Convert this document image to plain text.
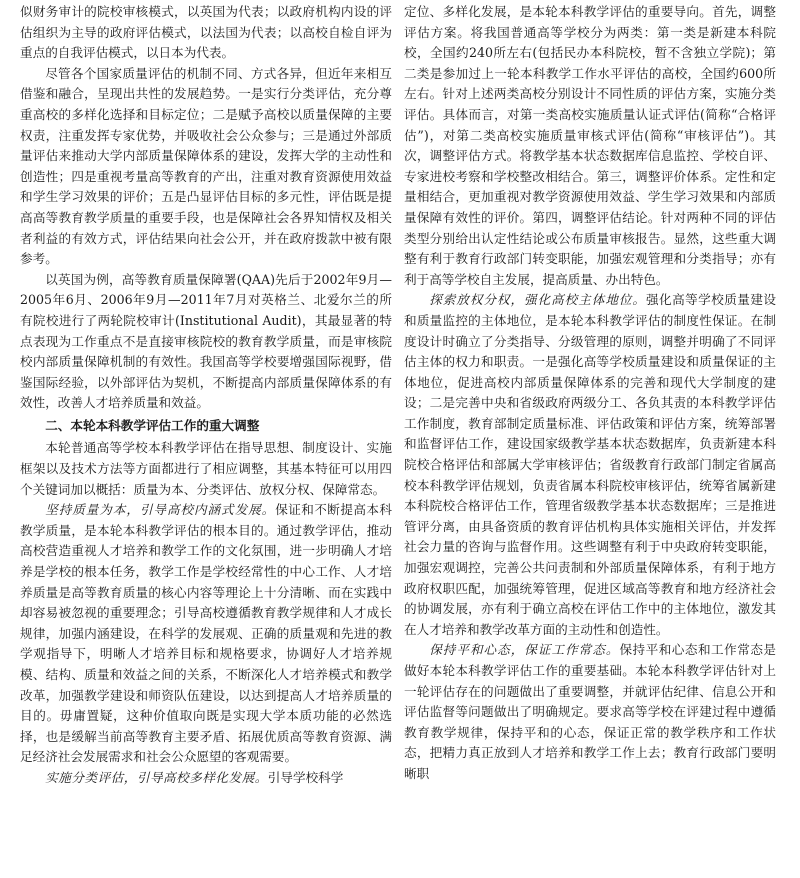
似财务审计的院校审核模式，以英国为代表；以政府机构内设的评估组织为主导的政府评估模式，以法国为代表；以高校自检自评为重点的自我评估模式，以日本为代表。

尽管各个国家质量评估的机制不同、方式各异，但近年来相互借鉴和融合，呈现出共性的发展趋势。一是实行分类评估，充分尊重高校的多样化选择和目标定位；二是赋予高校以质量保障的主要权责，注重发挥专家优势，并吸收社会公众参与；三是通过外部质量评估来推动大学内部质量保障体系的建设，发挥大学的主动性和创造性；四是重视考量高等教育的产出，注重对教育资源使用效益和学生学习效果的评价；五是凸显评估目标的多元性，评估既是提高高等教育教学质量的重要手段，也是保障社会各界知情权及相关者利益的有效方式，评估结果向社会公开，并在政府拨款中被有限参考。

以英国为例，高等教育质量保障署(QAA)先后于2002年9月—2005年6月、2006年9月—2011年7月对英格兰、北爱尔兰的所有院校进行了两轮院校审计(Institutional Audit)，其最显著的特点表现为工作重点不是直接审核院校的教育教学质量，而是审核院校内部质量保障机制的有效性。我国高等学校要增强国际视野，借鉴国际经验，以外部评估为契机，不断提高内部质量保障体系的有效性，改善人才培养质量和效益。

二、本轮本科教学评估工作的重大调整

本轮普通高等学校本科教学评估在指导思想、制度设计、实施框架以及技术方法等方面都进行了相应调整，其基本特征可以用四个关键词加以概括：质量为本、分类评估、放权分权、保障常态。

坚持质量为本，引导高校内涵式发展。保证和不断提高本科教学质量，是本轮本科教学评估的根本目的。通过教学评估，推动高校营造重视人才培养和教学工作的文化氛围，进一步明确人才培养是学校的根本任务，教学工作是学校经常性的中心工作、人才培养质量是高等教育质量的核心内容等理论上十分清晰、而在实践中却容易被忽视的重要理念；引导高校遵循教育教学规律和人才成长规律，加强内涵建设，在科学的发展观、正确的质量观和先进的教学观指导下，明晰人才培养目标和规格要求，协调好人才培养规模、结构、质量和效益之间的关系，不断深化人才培养模式和教学改革，加强教学建设和师资队伍建设，以达到提高人才培养质量的目的。毋庸置疑，这种价值取向既是实现大学本质功能的必然选择，也是缓解当前高等教育主要矛盾、拓展优质高等教育资源、满足经济社会发展需求和社会公众愿望的客观需要。

实施分类评估，引导高校多样化发展。引导学校科学

定位、多样化发展，是本轮本科教学评估的重要导向。首先，调整评估方案。将我国普通高等学校分为两类：第一类是新建本科院校，全国约240所左右(包括民办本科院校，暂不含独立学院)；第二类是参加过上一轮本科教学工作水平评估的高校，全国约600所左右。针对上述两类高校分别设计不同性质的评估方案，实施分类评估。具体而言，对第一类高校实施质量认证式评估(简称“合格评估”)，对第二类高校实施质量审核式评估(简称“审核评估”)。其次，调整评估方式。将教学基本状态数据库信息监控、学校自评、专家进校考察和学校整改相结合。第三，调整评价体系。定性和定量相结合，更加重视对教学资源使用效益、学生学习效果和内部质量保障有效性的评价。第四，调整评估结论。针对两种不同的评估类型分别给出认定性结论或公布质量审核报告。显然，这些重大调整有利于教育行政部门转变职能，加强宏观管理和分类指导；亦有利于高等学校自主发展，提高质量、办出特色。

探索放权分权，强化高校主体地位。强化高等学校质量建设和质量监控的主体地位，是本轮本科教学评估的制度性保证。在制度设计时确立了分类指导、分级管理的原则，调整并明确了不同评估主体的权力和职责。一是强化高等学校质量建设和质量保证的主体地位，促进高校内部质量保障体系的完善和现代大学制度的建设；二是完善中央和省级政府两级分工、各负其责的本科教学评估工作制度，教育部制定质量标准、评估政策和评估方案，统筹部署和监督评估工作，建设国家级教学基本状态数据库，负责新建本科院校合格评估和部属大学审核评估；省级教育行政部门制定省属高校本科教学评估规划，负责省属本科院校审核评估，统筹省属新建本科院校合格评估工作，管理省级教学基本状态数据库；三是推进管评分离，由具备资质的教育评估机构具体实施相关评估，并发挥社会力量的咨询与监督作用。这些调整有利于中央政府转变职能，加强宏观调控，完善公共问责制和外部质量保障体系，有利于地方政府权职匹配，加强统筹管理，促进区域高等教育和地方经济社会的协调发展，亦有利于确立高校在评估工作中的主体地位，激发其在人才培养和教学改革方面的主动性和创造性。

保持平和心态，保证工作常态。保持平和心态和工作常态是做好本轮本科教学评估工作的重要基础。本轮本科教学评估针对上一轮评估存在的问题做出了重要调整，并就评估纪律、信息公开和评估监督等问题做出了明确规定。要求高等学校在评建过程中遵循教育教学规律，保持平和的心态，保证正常的教学秩序和工作状态，把精力真正放到人才培养和教学工作上去；教育行政部门要明晰职
